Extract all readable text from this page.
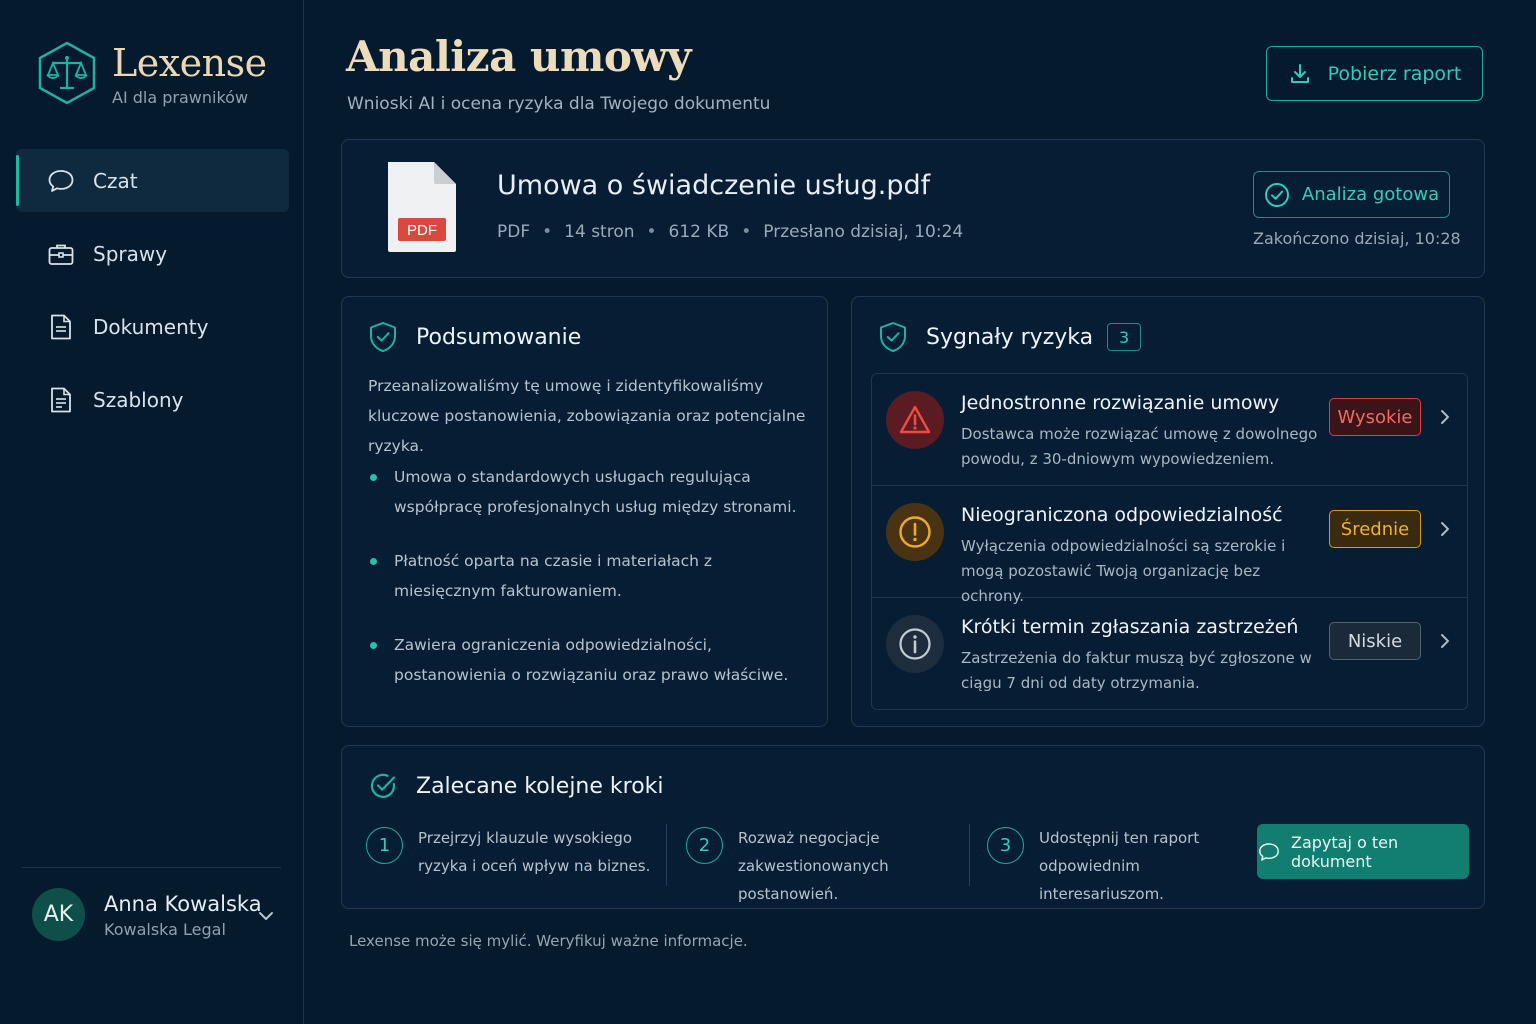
Lexense
AI dla prawników
Czat
Sprawy
Dokumenty
Szablony
AK	Anna Kowalska
Kowalska Legal
Analiza umowy
Wnioski AI i ocena ryzyka dla Twojego dokumentu
Pobierz raport
PDF
Umowa o świadczenie usług.pdf
PDF • 14 stron • 612 KB • Przesłano dzisiaj, 10:24
Analiza gotowa
Zakończono dzisiaj, 10:28
Podsumowanie

Przeanalizowaliśmy tę umowę i zidentyfikowaliśmy kluczowe postanowienia, zobowiązania oraz potencjalne ryzyka.

Umowa o standardowych usługach regulująca współpracę profesjonalnych usług między stronami.
Płatność oparta na czasie i materiałach z miesięcznym fakturowaniem.
Zawiera ograniczenia odpowiedzialności, postanowienia o rozwiązaniu oraz prawo właściwe.
Sygnały ryzyka	3
Jednostronne rozwiązanie umowy
Dostawca może rozwiązać umowę z dowolnego powodu, z 30-dniowym wypowiedzeniem.
Wysokie
Nieograniczona odpowiedzialność
Wyłączenia odpowiedzialności są szerokie i mogą pozostawić Twoją organizację bez ochrony.
Średnie
Krótki termin zgłaszania zastrzeżeń
Zastrzeżenia do faktur muszą być zgłoszone w ciągu 7 dni od daty otrzymania.
Niskie
Zalecane kolejne kroki
1	Przejrzyj klauzule wysokiego ryzyka i oceń wpływ na biznes.
2	Rozważ negocjacje zakwestionowanych postanowień.
3	Udostępnij ten raport odpowiednim interesariuszom.
Zapytaj o ten dokument
Lexense może się mylić. Weryfikuj ważne informacje.
